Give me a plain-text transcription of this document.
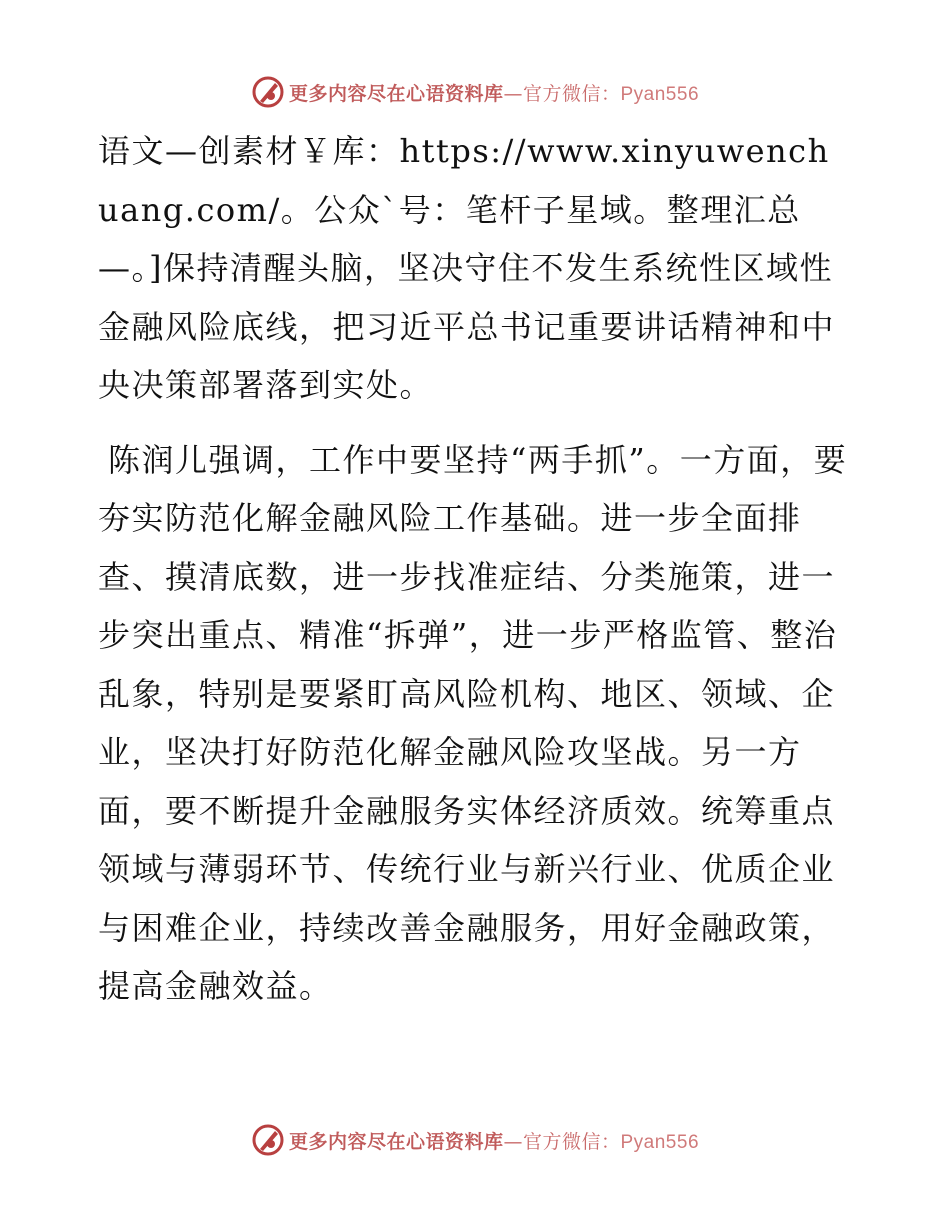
更多内容尽在心语资料库—官方微信：Pyan556

语文—创素材￥库：https://www.xinyuwenchuang.com/。公众`号：笔杆子星域。整理汇总—。]保持清醒头脑，坚决守住不发生系统性区域性金融风险底线，把习近平总书记重要讲话精神和中央决策部署落到实处。

陈润儿强调，工作中要坚持“两手抓”。一方面，要夯实防范化解金融风险工作基础。进一步全面排查、摸清底数，进一步找准症结、分类施策，进一步突出重点、精准“拆弹”，进一步严格监管、整治乱象，特别是要紧盯高风险机构、地区、领域、企业，坚决打好防范化解金融风险攻坚战。另一方面，要不断提升金融服务实体经济质效。统筹重点领域与薄弱环节、传统行业与新兴行业、优质企业与困难企业，持续改善金融服务，用好金融政策，提高金融效益。

更多内容尽在心语资料库—官方微信：Pyan556
